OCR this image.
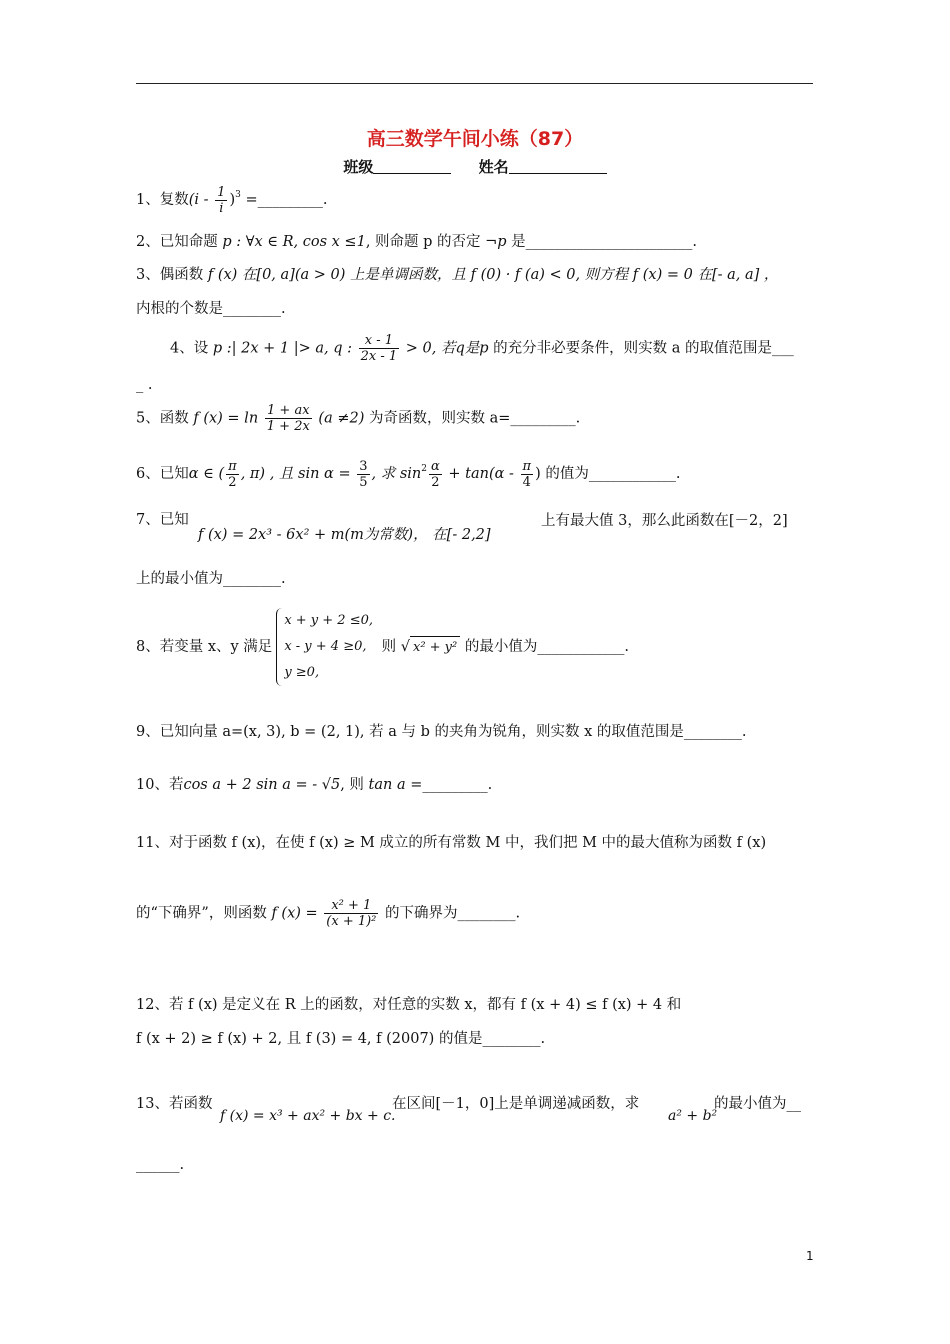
高三数学午间小练（87）
班级	姓名
1、复数$(i - \frac{1}{i} )^3$ =_________.
2、已知命题 p : ∀x ∈ R, cos x ≤1, 则命题 p 的否定 ¬p 是_______________________.
3、偶函数 f (x) 在[0, a](a > 0) 上是单调函数，且 f (0) · f (a) < 0, 则方程 f (x) = 0 在[- a, a] ，
内根的个数是________.
4、设 p :| 2x + 1 |> a, q : $\frac{x - 1}{2x - 1} > 0$, 若q是p 的充分非必要条件，则实数 a 的取值范围是___
_ .
5、函数 f $(x) = \ln \frac{1 + ax}{1 + 2x} (a \ne 2)$ 为奇函数，则实数 a=_________.
6、已知α ∈ ( $\frac{\pi}{2}$ , π) , 且 $\sin \alpha = \frac{3}{5}$ , 求 $\sin^2 \frac{\alpha}{2} + \tan(\alpha - \frac{\pi}{4}$ ) 的值为____________.
7、已知
f (x) = 2x³ - 6x² + m(m为常数)， 在[- 2,2]
上有最大值 3，那么此函数在[－2，2]
上的最小值为________.
8、若变量 x、y 满足
x + y + 2 ≤0,
x - y + 4 ≥0,
y ≥0,
则 √ x² + y² 的最小值为____________.
9、已知向量 a=(x, 3), b = (2, 1), 若 a 与 b 的夹角为锐角，则实数 x 的取值范围是________.
10、若cos a + 2 sin a = - √5, 则 tan a =_________.
11、对于函数 f (x)，在使 f (x) ≥ M 成立的所有常数 M 中，我们把 M 中的最大值称为函数 f (x)
的“下确界”，则函数 f $(x) = \frac{\text{x² + 1}}{\text{(x + 1)²}}$ 的下确界为________.
12、若 f (x) 是定义在 R 上的函数，对任意的实数 x，都有 f (x + 4) ≤ f (x) + 4 和
f (x + 2) ≥ f (x) + 2, 且 f (3) = 4, f (2007) 的值是________.
13、若函数
f (x) = x³ + ax² + bx + c.
在区间[－1，0]上是单调递减函数，求
a² + b²
的最小值为__
______.
1
